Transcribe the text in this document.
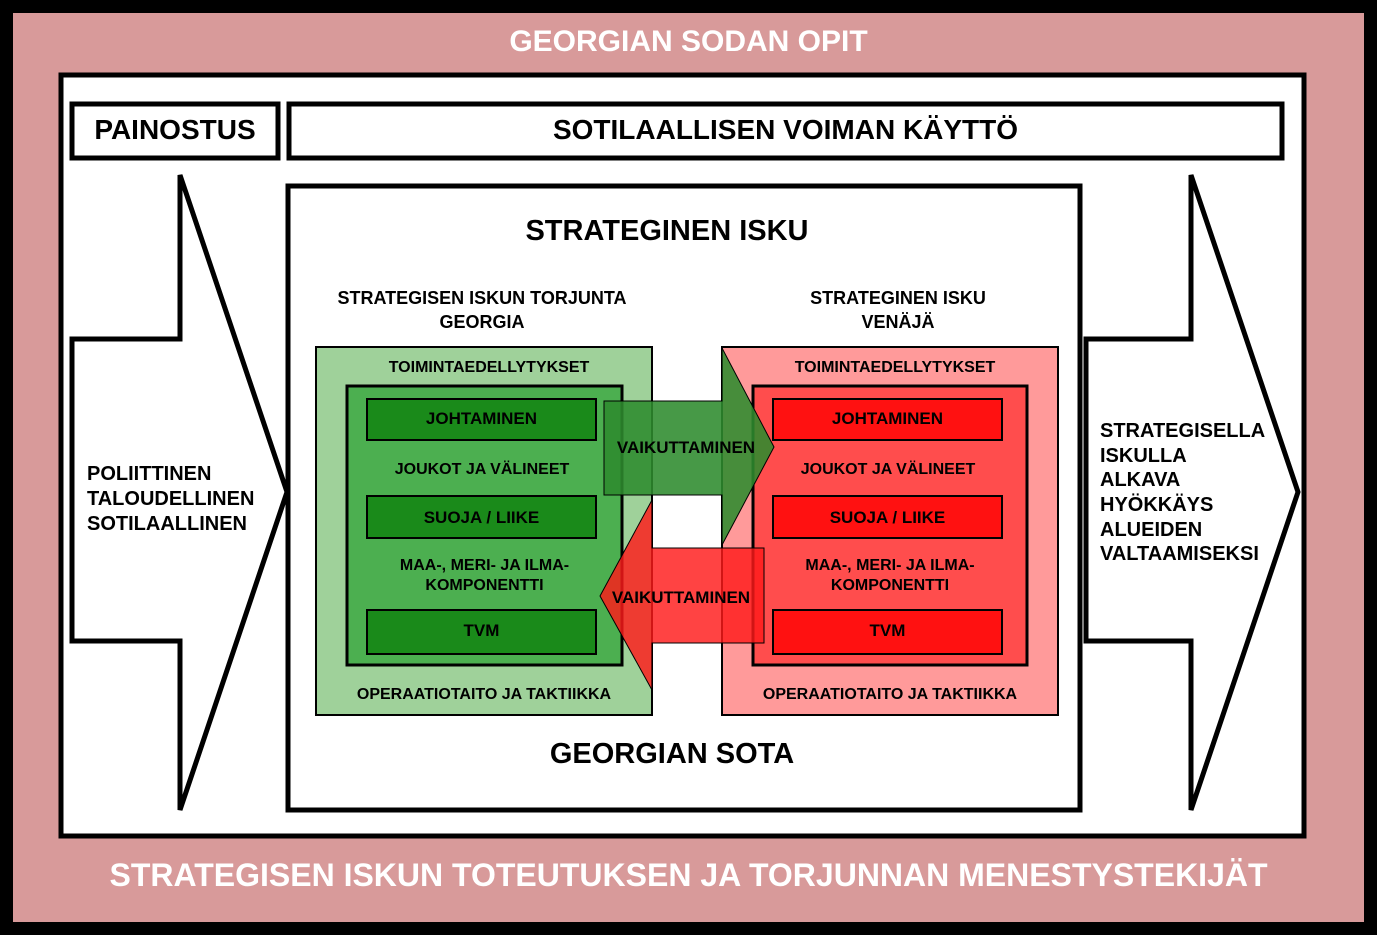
GEORGIAN SODAN OPIT
STRATEGISEN ISKUN TOTEUTUKSEN JA TORJUNNAN MENESTYSTEKIJÄT
PAINOSTUS	SOTILAALLISEN VOIMAN KÄYTTÖ
POLIITTINEN
TALOUDELLINEN
SOTILAALLINEN
STRATEGISELLA
ISKULLA
ALKAVA
HYÖKKÄYS
ALUEIDEN
VALTAAMISEKSI
STRATEGINEN ISKU
GEORGIAN SOTA
STRATEGISEN ISKUN TORJUNTA
GEORGIA
TOIMINTAEDELLYTYKSET
JOHTAMINEN
JOUKOT JA VÄLINEET
SUOJA / LIIKE
MAA-, MERI- JA ILMA-
KOMPONENTTI
TVM
OPERAATIOTAITO JA TAKTIIKKA
STRATEGINEN ISKU
VENÄJÄ
TOIMINTAEDELLYTYKSET
JOHTAMINEN
JOUKOT JA VÄLINEET
SUOJA / LIIKE
MAA-, MERI- JA ILMA-
KOMPONENTTI
TVM
OPERAATIOTAITO JA TAKTIIKKA
VAIKUTTAMINEN
VAIKUTTAMINEN
